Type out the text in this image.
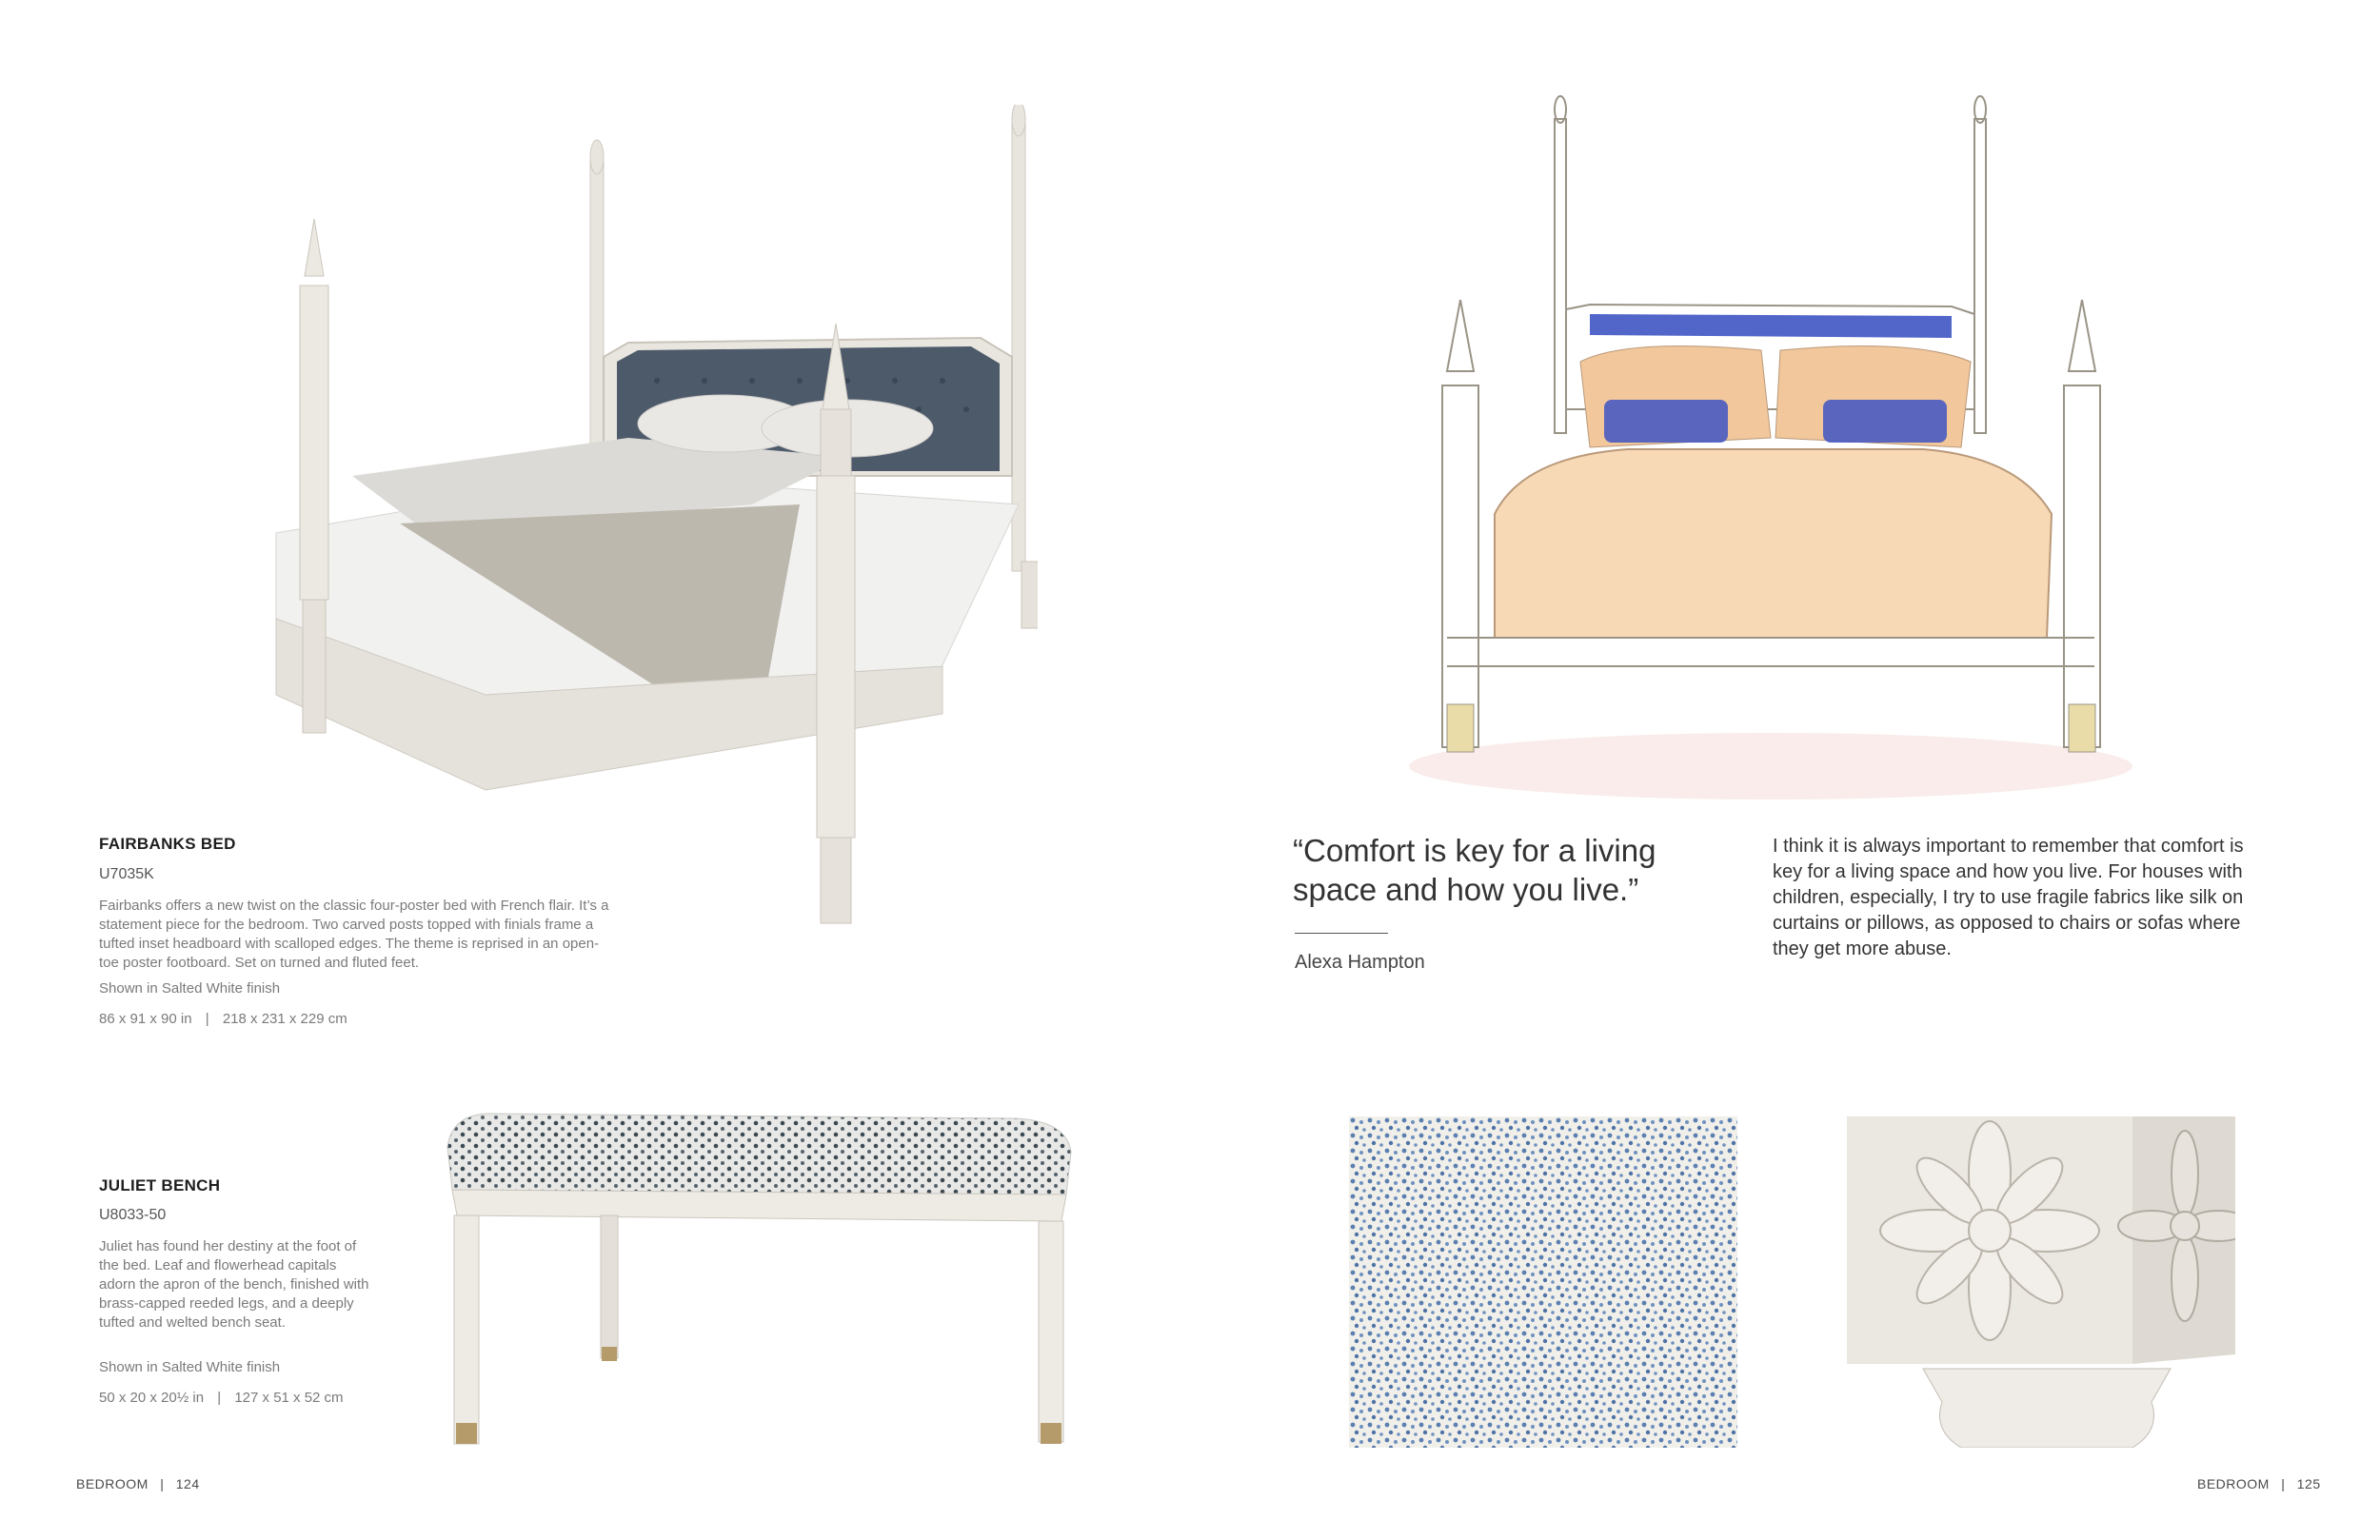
FAIRBANKS BED
U7035K
Fairbanks offers a new twist on the classic four-poster bed with French flair. It’s a statement piece for the bedroom. Two carved posts topped with finials frame a tufted inset headboard with scalloped edges. The theme is reprised in an open-toe poster footboard. Set on turned and fluted feet.
Shown in Salted White finish
86 x 91 x 90 in | 218 x 231 x 229 cm
JULIET BENCH
U8033-50
Juliet has found her destiny at the foot of the bed. Leaf and flowerhead capitals adorn the apron of the bench, finished with brass-capped reeded legs, and a deeply tufted and welted bench seat.
Shown in Salted White finish
50 x 20 x 20½ in | 127 x 51 x 52 cm
BEDROOM | 124
“Comfort is key for a living space and how you live.”
Alexa Hampton
I think it is always important to remember that comfort is key for a living space and how you live. For houses with children, especially, I try to use fragile fabrics like silk on curtains or pillows, as opposed to chairs or sofas where they get more abuse.
BEDROOM | 125
